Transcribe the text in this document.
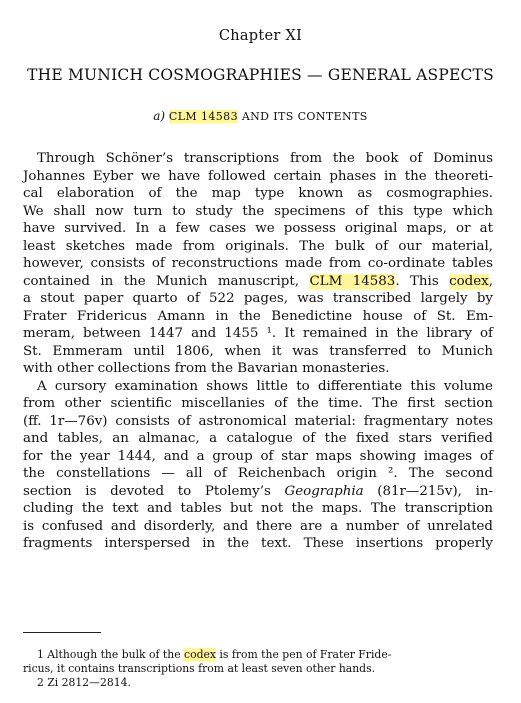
Chapter XI
THE MUNICH COSMOGRAPHIES — GENERAL ASPECTS
a) CLM 14583 AND ITS CONTENTS
Through Schöner’s transcriptions from the book of Dominus
Johannes Eyber we have followed certain phases in the theoreti-
cal elaboration of the map type known as cosmographies.
We shall now turn to study the specimens of this type which
have survived. In a few cases we possess original maps, or at
least sketches made from originals. The bulk of our material,
however, consists of reconstructions made from co-ordinate tables
contained in the Munich manuscript, CLM 14583. This codex,
a stout paper quarto of 522 pages, was transcribed largely by
Frater Fridericus Amann in the Benedictine house of St. Em-
meram, between 1447 and 1455 ¹. It remained in the library of
St. Emmeram until 1806, when it was transferred to Munich
with other collections from the Bavarian monasteries.
A cursory examination shows little to differentiate this volume
from other scientific miscellanies of the time. The first section
(ff. 1r—76v) consists of astronomical material: fragmentary notes
and tables, an almanac, a catalogue of the fixed stars verified
for the year 1444, and a group of star maps showing images of
the constellations — all of Reichenbach origin ². The second
section is devoted to Ptolemy’s Geographia (81r—215v), in-
cluding the text and tables but not the maps. The transcription
is confused and disorderly, and there are a number of unrelated
fragments interspersed in the text. These insertions properly
1 Although the bulk of the codex is from the pen of Frater Fride-
ricus, it contains transcriptions from at least seven other hands.
2 Zi 2812—2814.
